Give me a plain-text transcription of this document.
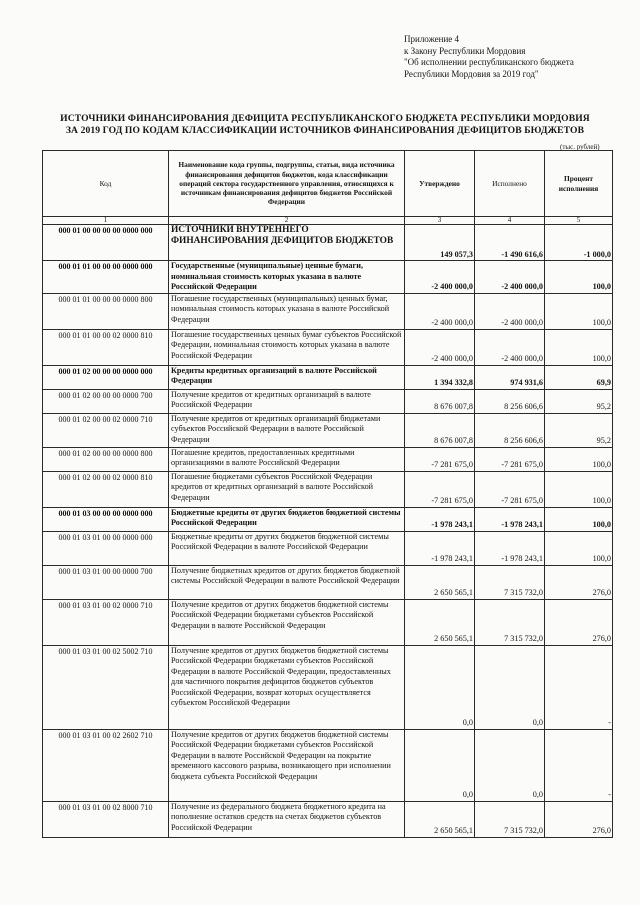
Приложение 4
к Закону Республики Мордовия
"Об исполнении республиканского бюджета
Республики Мордовия за 2019 год"
ИСТОЧНИКИ ФИНАНСИРОВАНИЯ ДЕФИЦИТА РЕСПУБЛИКАНСКОГО БЮДЖЕТА РЕСПУБЛИКИ МОРДОВИЯ
ЗА 2019 ГОД ПО КОДАМ КЛАССИФИКАЦИИ ИСТОЧНИКОВ ФИНАНСИРОВАНИЯ ДЕФИЦИТОВ БЮДЖЕТОВ
(тыс. рублей)
Код	Наименование кода группы, подгруппы, статьи, вида источника финансирования дефицитов бюджетов, кода классификации операций сектора государственного управления, относящихся к источникам финансирования дефицитов бюджетов Российской Федерации	Утверждено	Исполнено	Процент исполнения
1	2	3	4	5
000 01 00 00 00 00 0000 000	ИСТОЧНИКИ ВНУТРЕННЕГО ФИНАНСИРОВАНИЯ ДЕФИЦИТОВ БЮДЖЕТОВ	149 057,3	-1 490 616,6	-1 000,0
000 01 01 00 00 00 0000 000	Государственные (муниципальные) ценные бумаги, номинальная стоимость которых указана в валюте Российской Федерации	-2 400 000,0	-2 400 000,0	100,0
000 01 01 00 00 00 0000 800	Погашение государственных (муниципальных) ценных бумаг, номинальная стоимость которых указана в валюте Российской Федерации	-2 400 000,0	-2 400 000,0	100,0
000 01 01 00 00 02 0000 810	Погашение государственных ценных бумаг субъектов Российской Федерации, номинальная стоимость которых указана в валюте Российской Федерации	-2 400 000,0	-2 400 000,0	100,0
000 01 02 00 00 00 0000 000	Кредиты кредитных организаций в валюте Российской Федерации	1 394 332,8	974 931,6	69,9
000 01 02 00 00 00 0000 700	Получение кредитов от кредитных организаций в валюте Российской Федерации	8 676 007,8	8 256 606,6	95,2
000 01 02 00 00 02 0000 710	Получение кредитов от кредитных организаций бюджетами субъектов Российской Федерации в валюте Российской Федерации	8 676 007,8	8 256 606,6	95,2
000 01 02 00 00 00 0000 800	Погашение кредитов, предоставленных кредитными организациями в валюте Российской Федерации	-7 281 675,0	-7 281 675,0	100,0
000 01 02 00 00 02 0000 810	Погашение бюджетами субъектов Российской Федерации кредитов от кредитных организаций в валюте Российской Федерации	-7 281 675,0	-7 281 675,0	100,0
000 01 03 00 00 00 0000 000	Бюджетные кредиты от других бюджетов бюджетной системы Российской Федерации	-1 978 243,1	-1 978 243,1	100,0
000 01 03 01 00 00 0000 000	Бюджетные кредиты от других бюджетов бюджетной системы Российской Федерации в валюте Российской Федерации	-1 978 243,1	-1 978 243,1	100,0
000 01 03 01 00 00 0000 700	Получение бюджетных кредитов от других бюджетов бюджетной системы Российской Федерации в валюте Российской Федерации	2 650 565,1	7 315 732,0	276,0
000 01 03 01 00 02 0000 710	Получение кредитов от других бюджетов бюджетной системы Российской Федерации бюджетами субъектов Российской Федерации в валюте Российской Федерации	2 650 565,1	7 315 732,0	276,0
000 01 03 01 00 02 5002 710	Получение кредитов от других бюджетов бюджетной системы Российской Федерации бюджетами субъектов Российской Федерации в валюте Российской Федерации, предоставленных для частичного покрытия дефицитов бюджетов субъектов Российской Федерации, возврат которых осуществляется субъектом Российской Федерации	0,0	0,0	-
000 01 03 01 00 02 2602 710	Получение кредитов от других бюджетов бюджетной системы Российской Федерации бюджетами субъектов Российской Федерации в валюте Российской Федерации на покрытие временного кассового разрыва, возникающего при исполнении бюджета субъекта Российской Федерации	0,0	0,0	-
000 01 03 01 00 02 8000 710	Получение из федерального бюджета бюджетного кредита на пополнение остатков средств на счетах бюджетов субъектов Российской Федерации	2 650 565,1	7 315 732,0	276,0
